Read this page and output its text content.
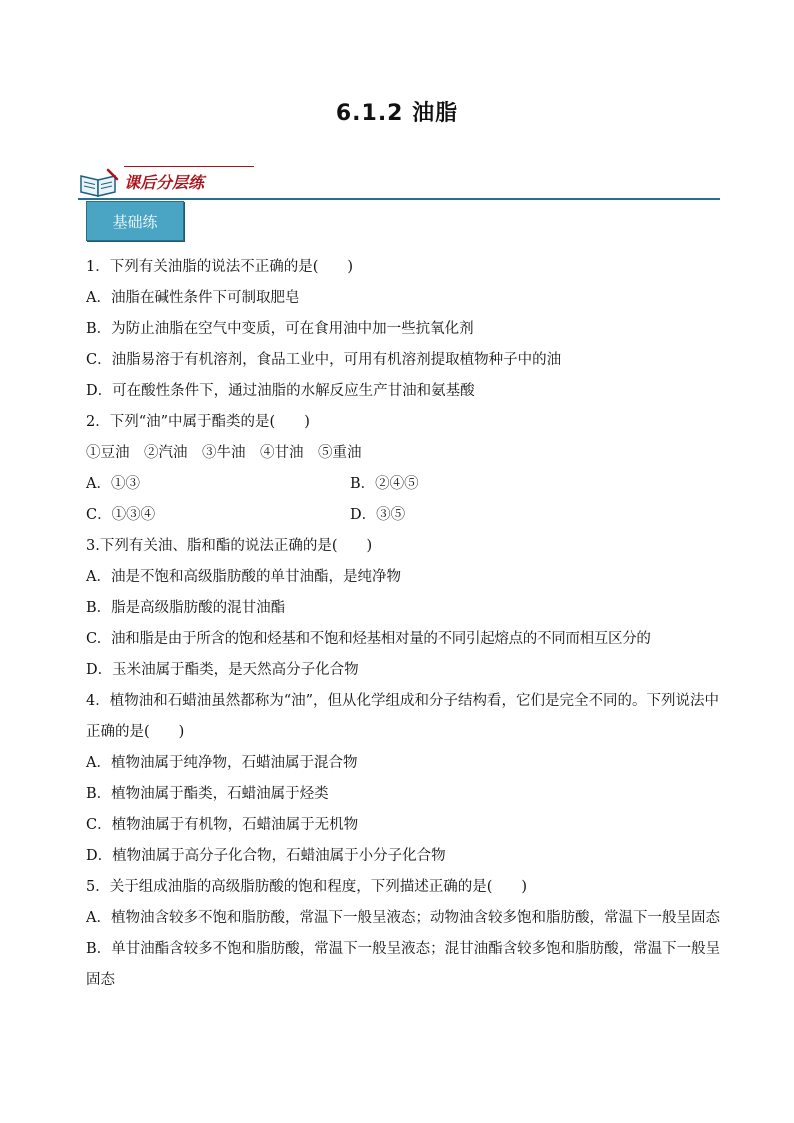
6.1.2 油脂
课后分层练
基础练
1．下列有关油脂的说法不正确的是(　　)
A．油脂在碱性条件下可制取肥皂
B．为防止油脂在空气中变质，可在食用油中加一些抗氧化剂
C．油脂易溶于有机溶剂，食品工业中，可用有机溶剂提取植物种子中的油
D．可在酸性条件下，通过油脂的水解反应生产甘油和氨基酸
2．下列“油”中属于酯类的是(　　)
①豆油　②汽油　③牛油　④甘油　⑤重油
A．①③	B．②④⑤
C．①③④	D．③⑤
3.下列有关油、脂和酯的说法正确的是(　　)
A．油是不饱和高级脂肪酸的单甘油酯，是纯净物
B．脂是高级脂肪酸的混甘油酯
C．油和脂是由于所含的饱和烃基和不饱和烃基相对量的不同引起熔点的不同而相互区分的
D．玉米油属于酯类，是天然高分子化合物
4．植物油和石蜡油虽然都称为“油”，但从化学组成和分子结构看，它们是完全不同的。下列说法中正确的是(　　)
A．植物油属于纯净物，石蜡油属于混合物
B．植物油属于酯类，石蜡油属于烃类
C．植物油属于有机物，石蜡油属于无机物
D．植物油属于高分子化合物，石蜡油属于小分子化合物
5．关于组成油脂的高级脂肪酸的饱和程度，下列描述正确的是(　　)
A．植物油含较多不饱和脂肪酸，常温下一般呈液态；动物油含较多饱和脂肪酸，常温下一般呈固态
B．单甘油酯含较多不饱和脂肪酸，常温下一般呈液态；混甘油酯含较多饱和脂肪酸，常温下一般呈固态
